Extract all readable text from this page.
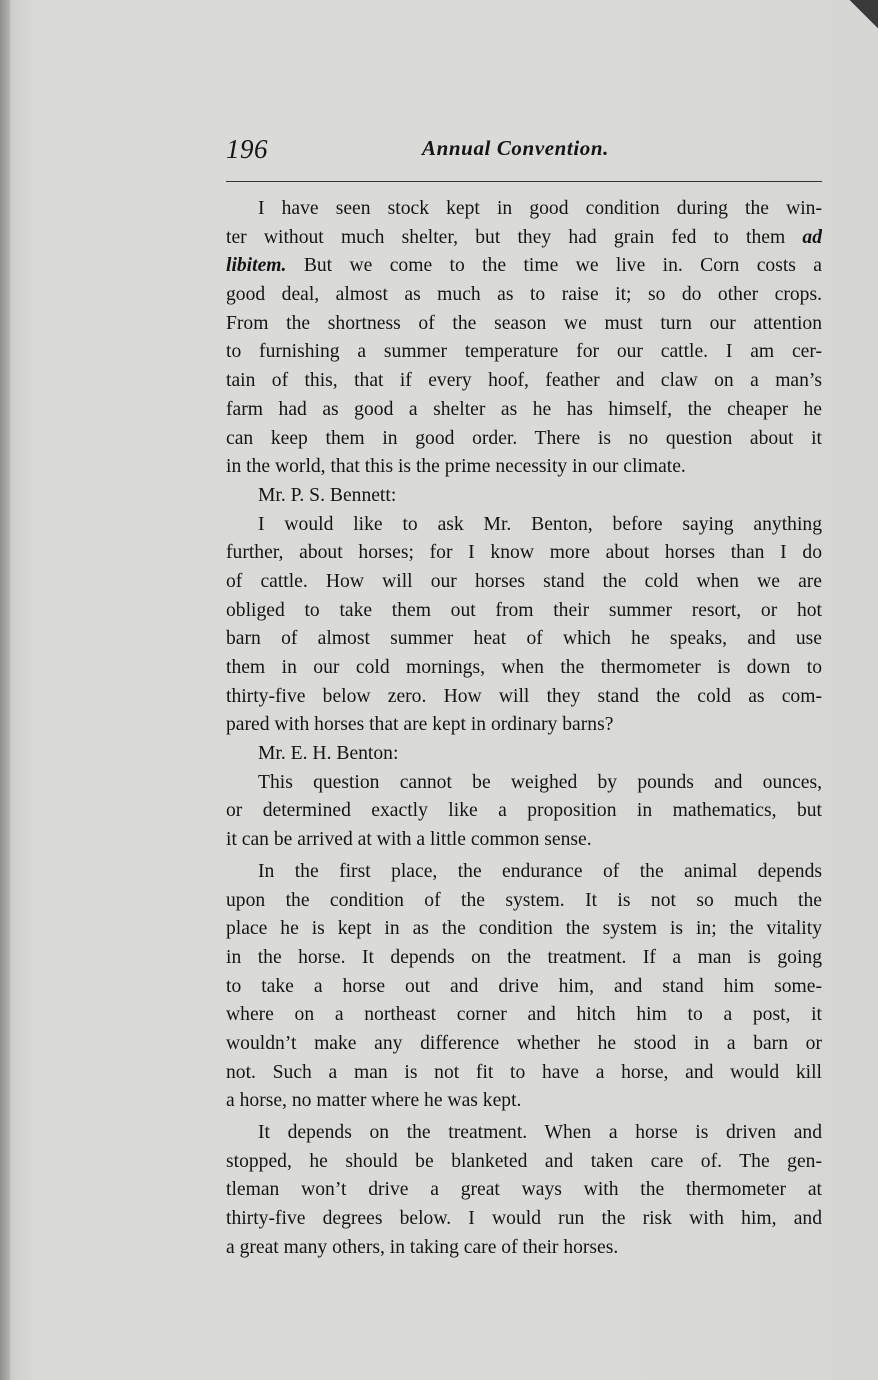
196	Annual Convention.
I have seen stock kept in good condition during the win-
ter without much shelter, but they had grain fed to them ad
libitem. But we come to the time we live in. Corn costs a
good deal, almost as much as to raise it; so do other crops.
From the shortness of the season we must turn our attention
to furnishing a summer temperature for our cattle. I am cer-
tain of this, that if every hoof, feather and claw on a man’s
farm had as good a shelter as he has himself, the cheaper he
can keep them in good order. There is no question about it
in the world, that this is the prime necessity in our climate.
Mr. P. S. Bennett:
I would like to ask Mr. Benton, before saying anything
further, about horses; for I know more about horses than I do
of cattle. How will our horses stand the cold when we are
obliged to take them out from their summer resort, or hot
barn of almost summer heat of which he speaks, and use
them in our cold mornings, when the thermometer is down to
thirty-five below zero. How will they stand the cold as com-
pared with horses that are kept in ordinary barns?
Mr. E. H. Benton:
This question cannot be weighed by pounds and ounces,
or determined exactly like a proposition in mathematics, but
it can be arrived at with a little common sense.
In the first place, the endurance of the animal depends
upon the condition of the system. It is not so much the
place he is kept in as the condition the system is in; the vitality
in the horse. It depends on the treatment. If a man is going
to take a horse out and drive him, and stand him some-
where on a northeast corner and hitch him to a post, it
wouldn’t make any difference whether he stood in a barn or
not. Such a man is not fit to have a horse, and would kill
a horse, no matter where he was kept.
It depends on the treatment. When a horse is driven and
stopped, he should be blanketed and taken care of. The gen-
tleman won’t drive a great ways with the thermometer at
thirty-five degrees below. I would run the risk with him, and
a great many others, in taking care of their horses.
